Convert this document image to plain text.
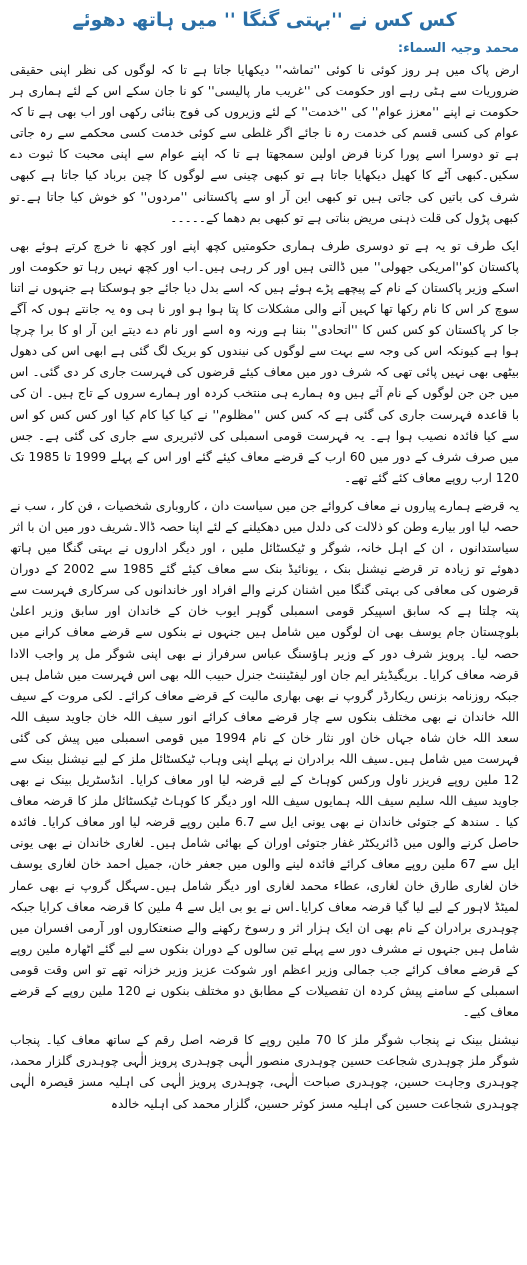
کس کس نے ''بہتی گنگا '' میں ہاتھ دھوئے
محمد وجیہ السماء:

ارض پاک میں ہر روز کوئی نا کوئی ''تماشہ'' دیکھایا جاتا ہے تا کہ لوگوں کی نظر اپنی حقیقی ضروریات سے ہٹی رہے اور حکومت کی ''غریب مار پالیسی'' کو نا جان سکے اس کے لئے ہماری ہر حکومت نے اپنے ''معزز عوام'' کی ''خدمت'' کے لئے وزیروں کی فوج بنائی رکھی اور اب بھی ہے تا کہ عوام کی کسی قسم کی خدمت رہ نا جائے اگر غلطی سے کوئی خدمت کسی محکمے سے رہ جاتی ہے تو دوسرا اسے پورا کرنا فرض اولین سمجھتا ہے تا کہ اپنے عوام سے اپنی محبت کا ثبوت دے سکیں۔کبھی آٹے کا کھیل دیکھایا جاتا ہے تو کبھی چینی سے لوگوں کا چین برباد کیا جاتا ہے کبھی شرف کی باتیں کی جاتی ہیں تو کبھی این آر او سے پاکستانی ''مردوں'' کو خوش کیا جاتا ہے۔تو کبھی پڑول کی قلت ذہنی مریض بناتی ہے تو کبھی بم دھما کے۔۔۔۔۔

ایک طرف تو یہ ہے تو دوسری طرف ہماری حکومتیں کچھ اپنے اور کچھ نا خرچ کرتے ہوئے بھی پاکستان کو''امریکی جھولی'' میں ڈالتی ہیں اور کر رہی ہیں۔اب اور کچھ نہیں رہا تو حکومت اور اسکے وزیر پاکستان کے نام کے پیچھے پڑے ہوئے ہیں کہ اسے بدل دیا جائے جو ہوسکتا ہے جنہوں نے اتنا سوچ کر اس کا نام رکھا تھا کہیں آنے والی مشکلات کا پتا ہوا ہو اور نا ہی وہ یہ جانتے ہوں کہ آگے جا کر پاکستان کو کس کس کا ''اتحادی'' بننا ہے ورنہ وہ اسے اور نام دے دیتے این آر او کا برا چرچا ہوا ہے کیونکہ اس کی وجہ سے بہت سے لوگوں کی نیندوں کو بریک لگ گئی ہے ابھی اس کی دھول بیٹھی بھی نہیں پائی تھی کہ شرف دور میں معاف کیئے قرضوں کی فہرست جاری کر دی گئی۔ اس میں جن جن لوگوں کے نام آئے ہیں وہ ہمارے ہی منتخب کردہ اور ہمارے سروں کے تاج ہیں۔ ان کی با قاعدہ فہرست جاری کی گئی ہے کہ کس کس ''مظلوم'' نے کیا کیا کام کیا اور کس کس کو اس سے کیا فائدہ نصیب ہوا ہے۔ یہ فہرست قومی اسمبلی کی لائبریری سے جاری کی گئی ہے۔ جس میں صرف شرف کے دور میں 60 ارب کے قرضے معاف کیئے گئے اور اس کے پہلے 1999 تا 1985 تک 120 ارب روپے معاف کئے گئے تھے۔

یہ قرضے ہمارے پیاروں نے معاف کروائے جن میں سیاست دان ، کاروباری شخصیات ، فن کار ، سب نے حصہ لیا اور بیارے وطن کو ذلالت کی دلدل میں دھکیلنے کے لئے اپنا حصہ ڈالا۔شریف دور میں ان با اثر سیاستدانوں ، ان کے اہل خانہ، شوگر و ٹیکسٹائل ملیں ، اور دیگر اداروں نے بہتی گنگا میں ہاتھ دھوئے تو زیادہ تر قرضے نیشنل بنک ، یونائیڈ بنک سے معاف کیئے گئے 1985 سے 2002 کے دوران قرضوں کی معافی کی بہتی گنگا میں اشنان کرنے والے افراد اور خاندانوں کی سرکاری فہرست سے پتہ چلتا ہے کہ سابق اسپیکر قومی اسمبلی گوہر ایوب خان کے خاندان اور سابق وزیر اعلیٰ بلوچستان جام یوسف بھی ان لوگوں میں شامل ہیں جنہوں نے بنکوں سے قرضے معاف کرانے میں حصہ لیا۔ پرویز شرف دور کے وزیر ہاؤسنگ عباس سرفراز نے بھی اپنی شوگر مل پر واجب الادا قرضہ معاف کرایا۔ بریگیڈیئر ایم جان اور لیفٹیننٹ جنرل حبیب اللہ بھی اس فہرست میں شامل ہیں جبکہ روزنامہ بزنس ریکارڈر گروپ نے بھی بھاری مالیت کے قرضے معاف کرائے۔ لکی مروت کے سیف اللہ خاندان نے بھی مختلف بنکوں سے چار قرضے معاف کرائے انور سیف اللہ خان جاوید سیف اللہ سعد اللہ خان شاہ جہاں خان اور نثار خان کے نام 1994 میں قومی اسمبلی میں پیش کی گئی فہرست میں شامل ہیں۔سیف اللہ برادران نے پہلے اپنی وہاب ٹیکسٹائل ملز کے لیے نیشنل بینک سے 12 ملین روپے فریزر ناول ورکس کوہاٹ کے لیے قرضہ لیا اور معاف کرایا۔ انڈسٹریل بینک نے بھی جاوید سیف اللہ سلیم سیف اللہ ہمایوں سیف اللہ اور دیگر کا کوہاٹ ٹیکسٹائل ملز کا قرضہ معاف کیا ۔ سندھ کے جتوئی خاندان نے بھی یونی ایل سے 6.7 ملین روپے قرضہ لیا اور معاف کرایا۔ فائدہ حاصل کرنے والوں میں ڈائریکٹر غفار جتوئی اوران کے بھائی شامل ہیں۔ لغاری خاندان نے بھی یونی ایل سے 67 ملین روپے معاف کرائے فائدہ لینے والوں میں جعفر خان، جمیل احمد خان لغاری یوسف خان لغاری طارق خان لغاری، عطاء محمد لغاری اور دیگر شامل ہیں۔سہگل گروپ نے بھی عمار لمیٹڈ لاہور کے لیے لیا گیا قرضہ معاف کرایا۔اس نے یو بی ایل سے 4 ملین کا قرضہ معاف کرایا جبکہ چوہدری برادران کے نام بھی ان ایک ہزار اثر و رسوخ رکھنے والے صنعتکاروں اور آرمی افسران میں شامل ہیں جنہوں نے مشرف دور سے پہلے تین سالوں کے دوران بنکوں سے لیے گئے اٹھارہ ملین روپے کے قرضے معاف کرائے جب جمالی وزیر اعظم اور شوکت عزیز وزیر خزانہ تھے تو اس وقت قومی اسمبلی کے سامنے پیش کردہ ان تفصیلات کے مطابق دو مختلف بنکوں نے 120 ملین روپے کے قرضے معاف کیے۔

نیشنل بینک نے پنجاب شوگر ملز کا 70 ملین روپے کا قرضہ اصل رقم کے ساتھ معاف کیا۔ پنجاب شوگر ملز چوہدری شجاعت حسین چوہدری منصور الٰہی چوہدری پرویز الٰہی چوہدری گلزار محمد، چوہدری وجاہت حسین، چوہدری صباحت الٰہی، چوہدری پرویز الٰہی کی اہلیہ مسز قیصرہ الٰہی چوہدری شجاعت حسین کی اہلیہ مسز کوثر حسین، گلزار محمد کی اہلیہ خالدہ
